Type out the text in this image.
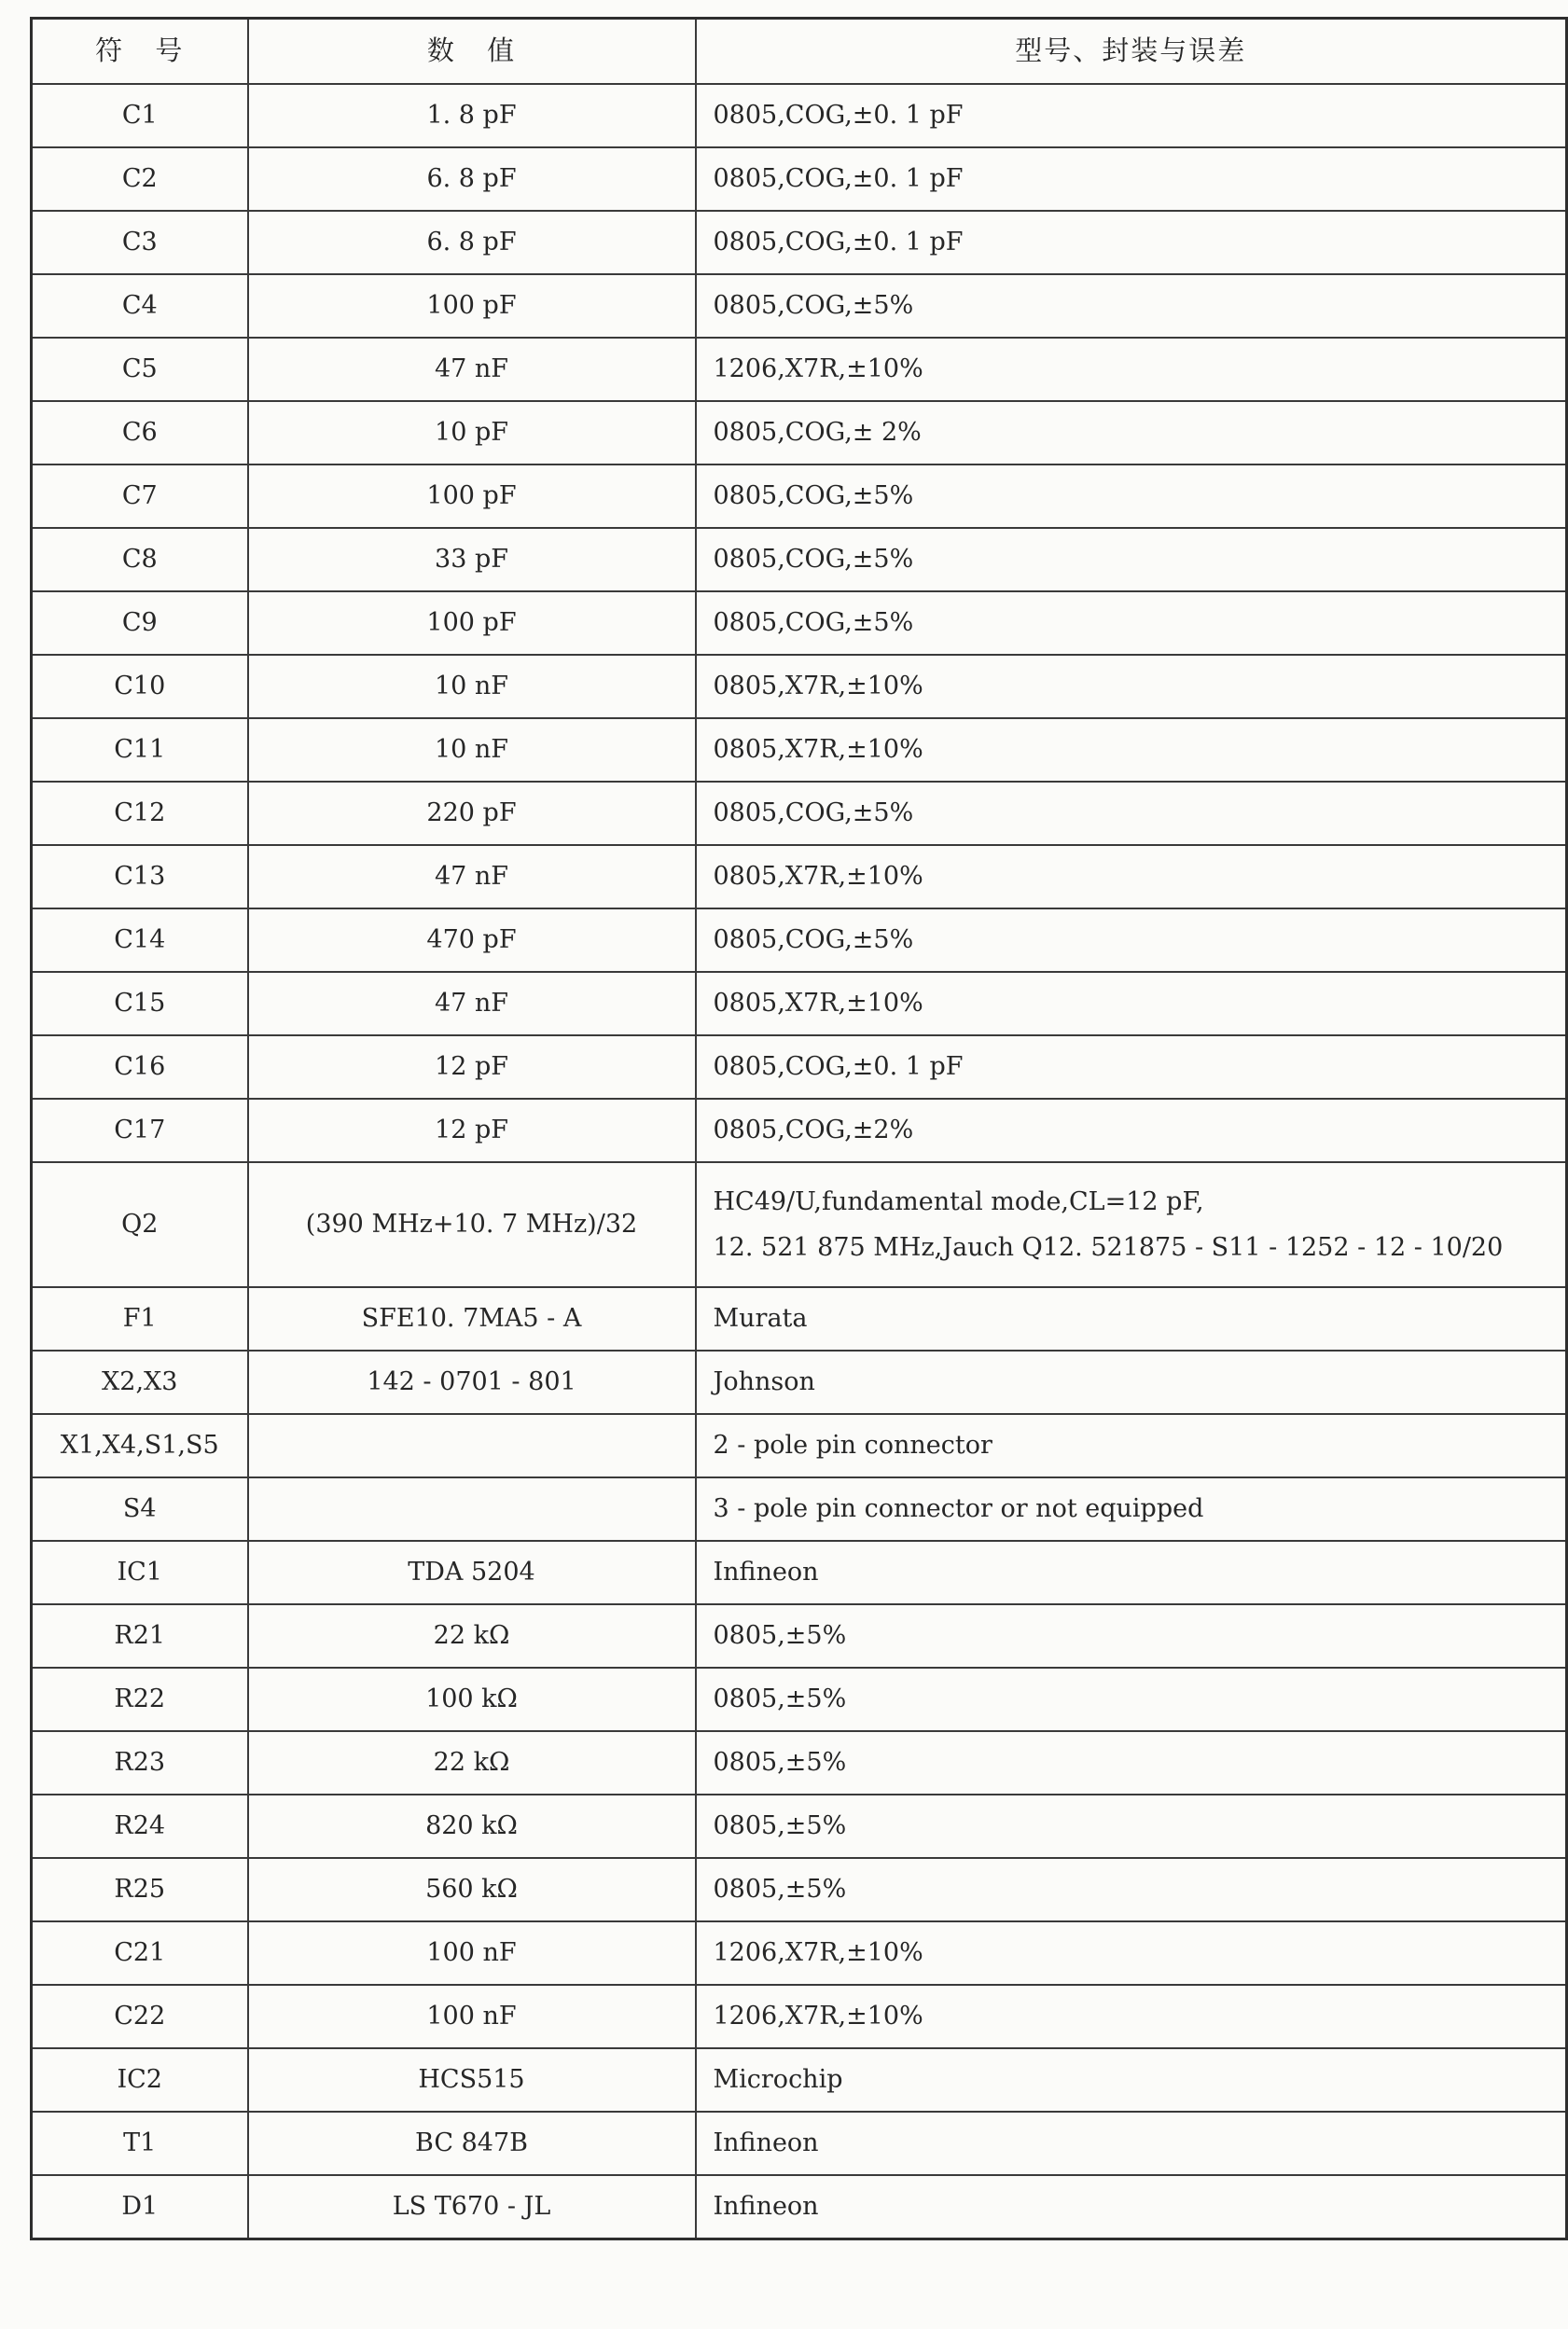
符 号	数 值	型号、封装与误差
C1	1. 8 pF	0805,COG,±0. 1 pF

C2	6. 8 pF	0805,COG,±0. 1 pF

C3	6. 8 pF	0805,COG,±0. 1 pF

C4	100 pF	0805,COG,±5%

C5	47 nF	1206,X7R,±10%

C6	10 pF	0805,COG,± 2%

C7	100 pF	0805,COG,±5%

C8	33 pF	0805,COG,±5%

C9	100 pF	0805,COG,±5%

C10	10 nF	0805,X7R,±10%

C11	10 nF	0805,X7R,±10%

C12	220 pF	0805,COG,±5%

C13	47 nF	0805,X7R,±10%

C14	470 pF	0805,COG,±5%

C15	47 nF	0805,X7R,±10%

C16	12 pF	0805,COG,±0. 1 pF

C17	12 pF	0805,COG,±2%

Q2	(390 MHz+10. 7 MHz)/32	HC49/U,fundamental mode,CL=12 pF,
12. 521 875 MHz,Jauch Q12. 521875 - S11 - 1252 - 12 - 10/20

F1	SFE10. 7MA5 - A	Murata

X2,X3	142 - 0701 - 801	Johnson

X1,X4,S1,S5		2 - pole pin connector

S4		3 - pole pin connector or not equipped

IC1	TDA 5204	Infineon

R21	22 kΩ	0805,±5%

R22	100 kΩ	0805,±5%

R23	22 kΩ	0805,±5%

R24	820 kΩ	0805,±5%

R25	560 kΩ	0805,±5%

C21	100 nF	1206,X7R,±10%

C22	100 nF	1206,X7R,±10%

IC2	HCS515	Microchip

T1	BC 847B	Infineon

D1	LS T670 - JL	Infineon
